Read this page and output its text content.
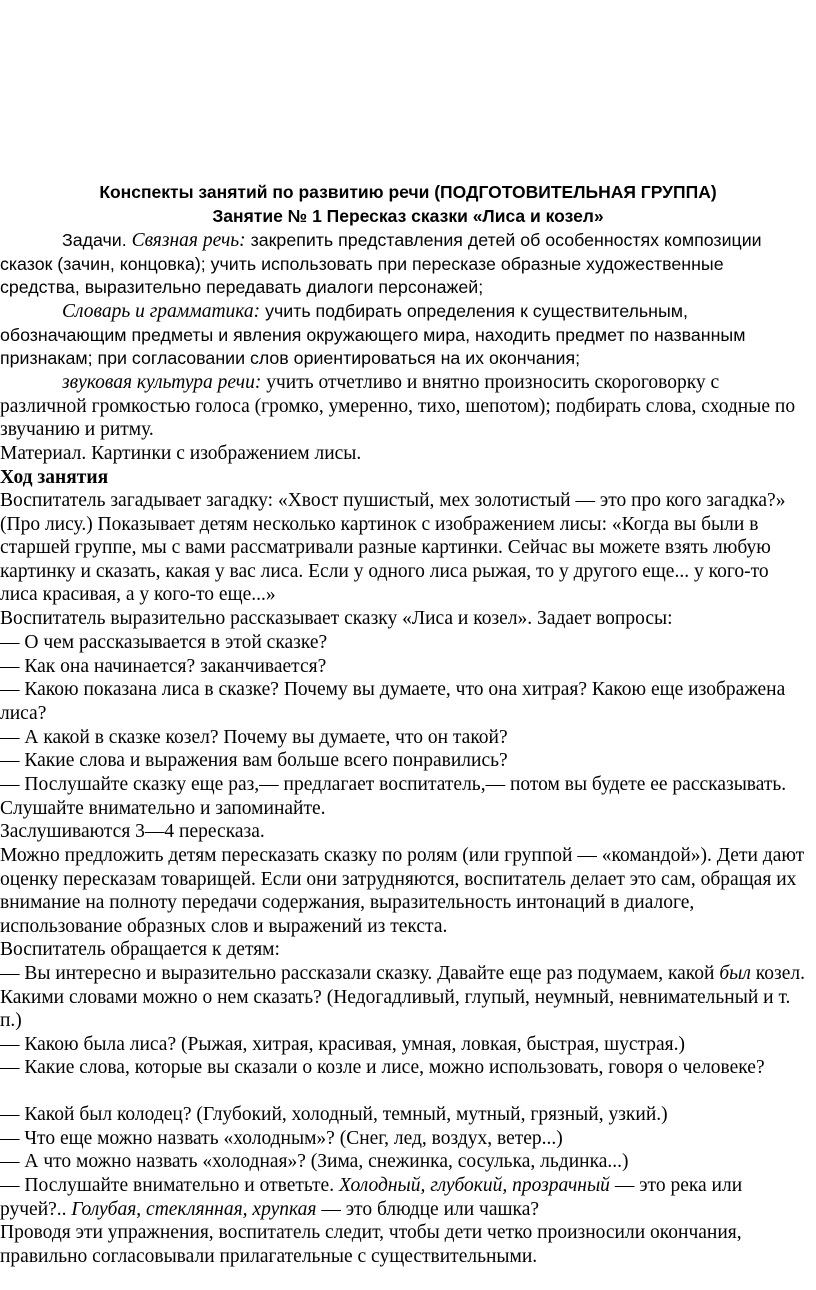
Конспекты занятий по развитию речи (ПОДГОТОВИТЕЛЬНАЯ ГРУППА)
Занятие № 1 Пересказ сказки «Лиса и козел»

Задачи. Связная речь: закрепить представления детей об особенностях композиции сказок (зачин, концовка); учить использовать при пересказе образные художественные средства, выразительно передавать диалоги персонажей;

Словарь и грамматика: учить подбирать определения к существительным, обозначающим предметы и явления окружающего мира, находить предмет по названным признакам; при согласовании слов ориентироваться на их окончания;

звуковая культура речи: учить отчетливо и внятно произносить скороговорку с различной громкостью голоса (громко, умеренно, тихо, шепотом); подбирать слова, сходные по звучанию и ритму.

Материал. Картинки с изображением лисы.

Ход занятия

Воспитатель загадывает загадку: «Хвост пушистый, мех золотистый — это про кого загадка?» (Про лису.) Показывает детям несколько картинок с изображением лисы: «Когда вы были в старшей группе, мы с вами рассматривали разные картинки. Сейчас вы можете взять любую картинку и сказать, какая у вас лиса. Если у одного лиса рыжая, то у другого еще... у кого-то лиса красивая, а у кого-то еще...»

Воспитатель выразительно рассказывает сказку «Лиса и козел». Задает вопросы:

— О чем рассказывается в этой сказке?

— Как она начинается? заканчивается?

— Какою показана лиса в сказке? Почему вы думаете, что она хитрая? Какою еще изображена лиса?

— А какой в сказке козел? Почему вы думаете, что он такой?

— Какие слова и выражения вам больше всего понравились?

— Послушайте сказку еще раз,— предлагает воспитатель,— потом вы будете ее рассказывать. Слушайте внимательно и запоминайте.

Заслушиваются 3—4 пересказа.

Можно предложить детям пересказать сказку по ролям (или группой — «командой»). Дети дают оценку пересказам товарищей. Если они затрудняются, воспитатель делает это сам, обращая их внимание на полноту передачи содержания, выразительность интонаций в диалоге, использование образных слов и выражений из текста.

Воспитатель обращается к детям:

— Вы интересно и выразительно рассказали сказку. Давайте еще раз подумаем, какой был козел. Какими словами можно о нем сказать? (Недогадливый, глупый, неумный, невнимательный и т. п.)

— Какою была лиса? (Рыжая, хитрая, красивая, умная, ловкая, быстрая, шустрая.)

— Какие слова, которые вы сказали о козле и лисе, можно использовать, говоря о человеке?

— Какой был колодец? (Глубокий, холодный, темный, мутный, грязный, узкий.)

— Что еще можно назвать «холодным»? (Снег, лед, воздух, ветер...)

— А что можно назвать «холодная»? (Зима, снежинка, сосулька, льдинка...)

— Послушайте внимательно и ответьте. Холодный, глубокий, прозрачный — это река или ручей?.. Голубая, стеклянная, хрупкая — это блюдце или чашка?

Проводя эти упражнения, воспитатель следит, чтобы дети четко произносили окончания, правильно согласовывали прилагательные с существительными.
